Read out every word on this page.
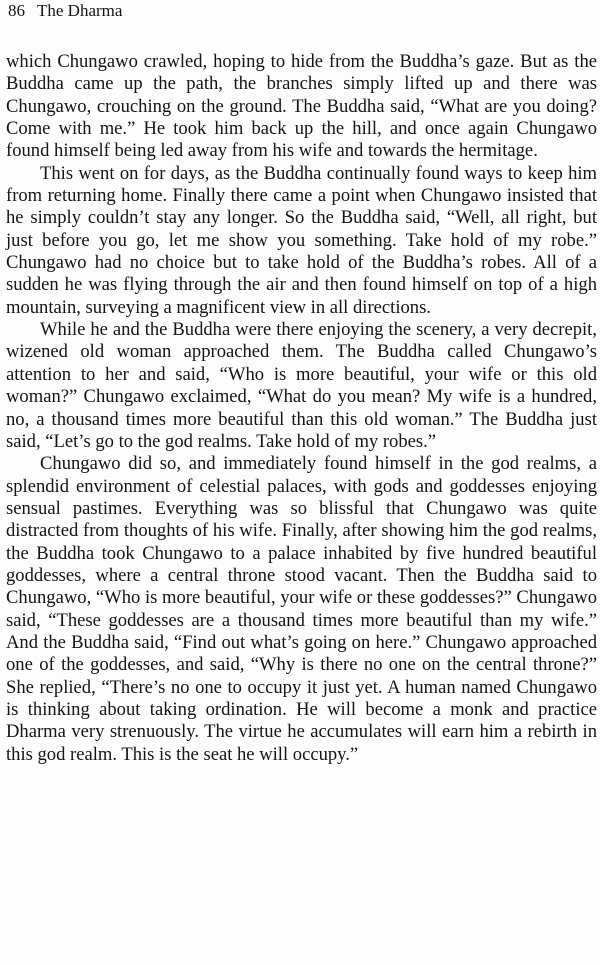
86 The Dharma

which Chungawo crawled, hoping to hide from the Buddha’s gaze. But as the Buddha came up the path, the branches simply lifted up and there was Chungawo, crouching on the ground. The Buddha said, “What are you doing? Come with me.” He took him back up the hill, and once again Chungawo found himself being led away from his wife and towards the hermitage.

This went on for days, as the Buddha continually found ways to keep him from returning home. Finally there came a point when Chungawo insisted that he simply couldn’t stay any longer. So the Buddha said, “Well, all right, but just before you go, let me show you something. Take hold of my robe.” Chungawo had no choice but to take hold of the Buddha’s robes. All of a sudden he was flying through the air and then found himself on top of a high mountain, surveying a magnificent view in all directions.

While he and the Buddha were there enjoying the scenery, a very decrepit, wizened old woman approached them. The Buddha called Chungawo’s attention to her and said, “Who is more beautiful, your wife or this old woman?” Chungawo exclaimed, “What do you mean? My wife is a hundred, no, a thousand times more beautiful than this old woman.” The Buddha just said, “Let’s go to the god realms. Take hold of my robes.”

Chungawo did so, and immediately found himself in the god realms, a splendid environment of celestial palaces, with gods and goddesses enjoying sensual pastimes. Everything was so blissful that Chungawo was quite distracted from thoughts of his wife. Finally, after showing him the god realms, the Buddha took Chungawo to a palace inhabited by five hundred beautiful goddesses, where a central throne stood vacant. Then the Buddha said to Chungawo, “Who is more beautiful, your wife or these goddesses?” Chungawo said, “These goddesses are a thousand times more beautiful than my wife.” And the Buddha said, “Find out what’s going on here.” Chungawo approached one of the goddesses, and said, “Why is there no one on the central throne?” She replied, “There’s no one to occupy it just yet. A human named Chungawo is thinking about taking ordination. He will become a monk and practice Dharma very strenuously. The virtue he accumulates will earn him a rebirth in this god realm. This is the seat he will occupy.”
